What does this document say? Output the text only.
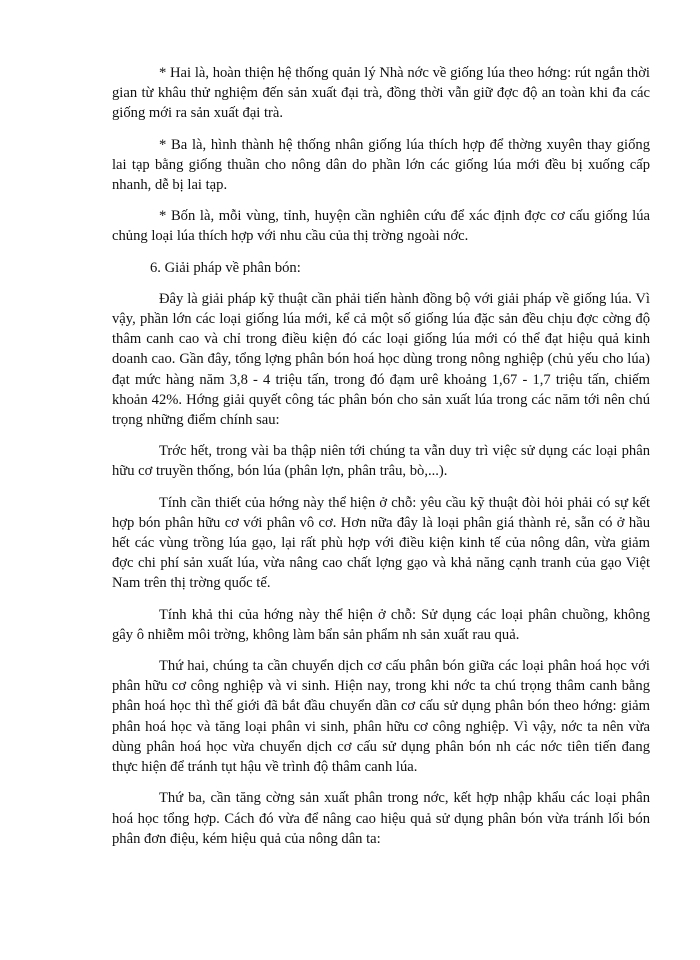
* Hai là, hoàn thiện hệ thống quản lý Nhà nớc về giống lúa theo hớng: rút ngắn thời gian từ khâu thử nghiệm đến sản xuất đại trà, đồng thời vẫn giữ đợc độ an toàn khi đa các giống mới ra sản xuất đại trà.

* Ba là, hình thành hệ thống nhân giống lúa thích hợp để thờng xuyên thay giống lai tạp bằng giống thuần cho nông dân do phần lớn các giống lúa mới đều bị xuống cấp nhanh, dễ bị lai tạp.

* Bốn là, mỗi vùng, tỉnh, huyện cần nghiên cứu để xác định đợc cơ cấu giống lúa chủng loại lúa thích hợp với nhu cầu của thị trờng ngoài nớc.

6. Giải pháp về phân bón:

Đây là giải pháp kỹ thuật cần phải tiến hành đồng bộ với giải pháp về giống lúa. Vì vậy, phần lớn các loại giống lúa mới, kể cả một số giống lúa đặc sản đều chịu đợc cờng độ thâm canh cao và chỉ trong điều kiện đó các loại giống lúa mới có thể đạt hiệu quả kinh doanh cao. Gần đây, tổng lợng phân bón hoá học dùng trong nông nghiệp (chủ yếu cho lúa) đạt mức hàng năm 3,8 - 4 triệu tấn, trong đó đạm urê khoảng 1,67 - 1,7 triệu tấn, chiếm khoản 42%. Hớng giải quyết công tác phân bón cho sản xuất lúa trong các năm tới nên chú trọng những điểm chính sau:

Trớc hết, trong vài ba thập niên tới chúng ta vẫn duy trì việc sử dụng các loại phân hữu cơ truyền thống, bón lúa (phân lợn, phân trâu, bò,...).

Tính cần thiết của hớng này thể hiện ở chỗ: yêu cầu kỹ thuật đòi hỏi phải có sự kết hợp bón phân hữu cơ với phân vô cơ. Hơn nữa đây là loại phân giá thành rẻ, sẵn có ở hầu hết các vùng trồng lúa gạo, lại rất phù hợp với điều kiện kinh tế của nông dân, vừa giảm đợc chi phí sản xuất lúa, vừa nâng cao chất lợng gạo và khả năng cạnh tranh của gạo Việt Nam trên thị trờng quốc tế.

Tính khả thi của hớng này thể hiện ở chỗ: Sử dụng các loại phân chuồng, không gây ô nhiễm môi trờng, không làm bẩn sản phẩm nh sản xuất rau quả.

Thứ hai, chúng ta cần chuyển dịch cơ cấu phân bón giữa các loại phân hoá học với phân hữu cơ công nghiệp và vi sinh. Hiện nay, trong khi nớc ta chú trọng thâm canh bằng phân hoá học thì thế giới đã bắt đầu chuyển dần cơ cấu sử dụng phân bón theo hớng: giảm phân hoá học và tăng loại phân vi sinh, phân hữu cơ công nghiệp. Vì vậy, nớc ta nên vừa dùng phân hoá học vừa chuyển dịch cơ cấu sử dụng phân bón nh các nớc tiên tiến đang thực hiện để tránh tụt hậu về trình độ thâm canh lúa.

Thứ ba, cần tăng cờng sản xuất phân trong nớc, kết hợp nhập khẩu các loại phân hoá học tổng hợp. Cách đó vừa để nâng cao hiệu quả sử dụng phân bón vừa tránh lối bón phân đơn điệu, kém hiệu quả của nông dân ta:
